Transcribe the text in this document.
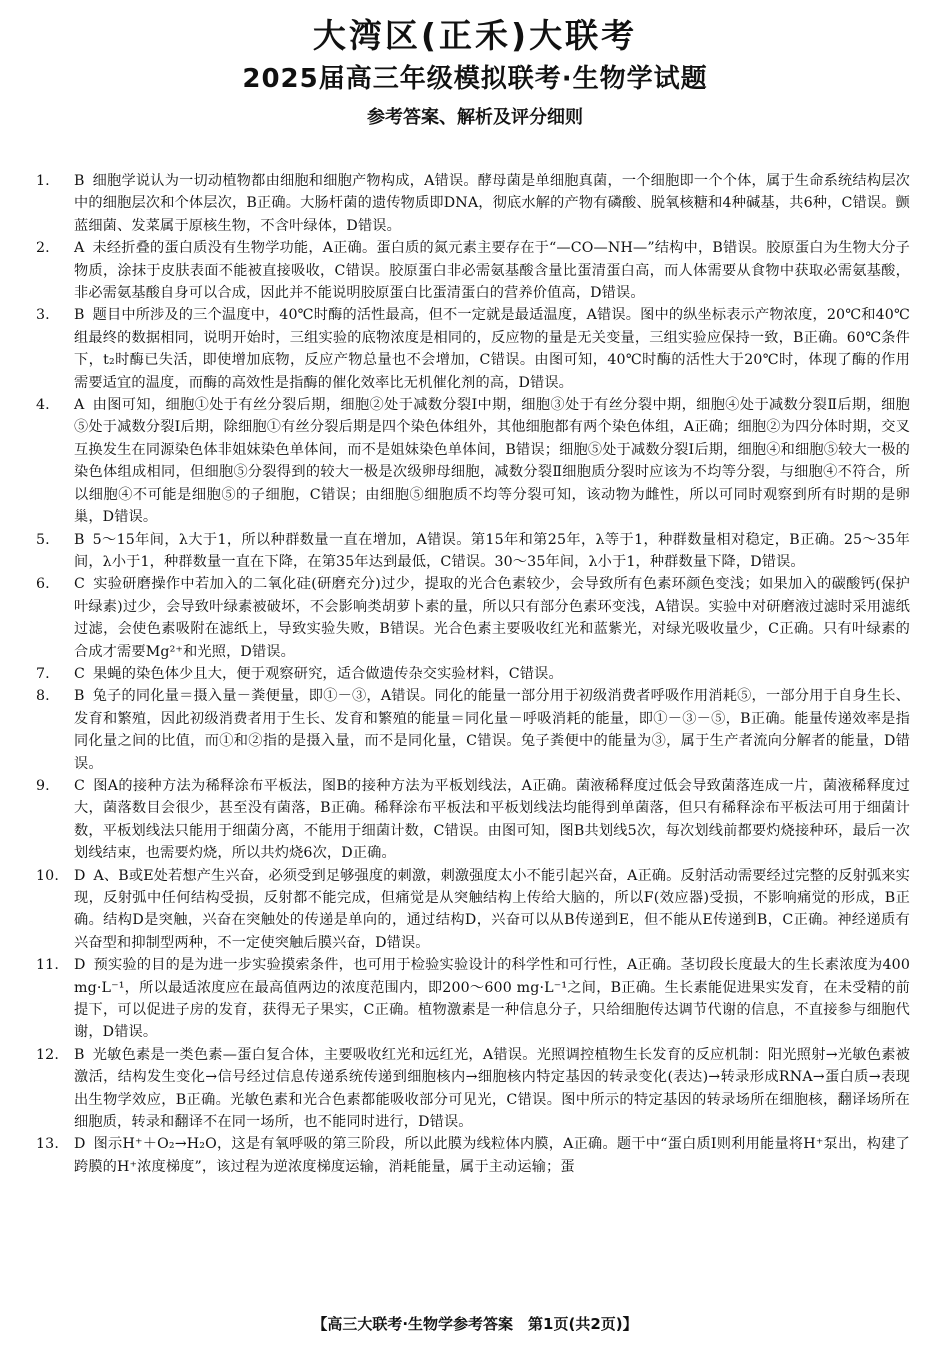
大湾区(正禾)大联考
2025届高三年级模拟联考·生物学试题
参考答案、解析及评分细则
1. B 细胞学说认为一切动植物都由细胞和细胞产物构成，A错误。酵母菌是单细胞真菌，一个细胞即一个个体，属于生命系统结构层次中的细胞层次和个体层次，B正确。大肠杆菌的遗传物质即DNA，彻底水解的产物有磷酸、脱氧核糖和4种碱基，共6种，C错误。颤蓝细菌、发菜属于原核生物，不含叶绿体，D错误。
2. A 未经折叠的蛋白质没有生物学功能，A正确。蛋白质的氮元素主要存在于“—CO—NH—”结构中，B错误。胶原蛋白为生物大分子物质，涂抹于皮肤表面不能被直接吸收，C错误。胶原蛋白非必需氨基酸含量比蛋清蛋白高，而人体需要从食物中获取必需氨基酸，非必需氨基酸自身可以合成，因此并不能说明胶原蛋白比蛋清蛋白的营养价值高，D错误。
3. B 题目中所涉及的三个温度中，40℃时酶的活性最高，但不一定就是最适温度，A错误。图中的纵坐标表示产物浓度，20℃和40℃组最终的数据相同，说明开始时，三组实验的底物浓度是相同的，反应物的量是无关变量，三组实验应保持一致，B正确。60℃条件下，t₂时酶已失活，即使增加底物，反应产物总量也不会增加，C错误。由图可知，40℃时酶的活性大于20℃时，体现了酶的作用需要适宜的温度，而酶的高效性是指酶的催化效率比无机催化剂的高，D错误。
4. A 由图可知，细胞①处于有丝分裂后期，细胞②处于减数分裂Ⅰ中期，细胞③处于有丝分裂中期，细胞④处于减数分裂Ⅱ后期，细胞⑤处于减数分裂Ⅰ后期，除细胞①有丝分裂后期是四个染色体组外，其他细胞都有两个染色体组，A正确；细胞②为四分体时期，交叉互换发生在同源染色体非姐妹染色单体间，而不是姐妹染色单体间，B错误；细胞⑤处于减数分裂Ⅰ后期，细胞④和细胞⑤较大一极的染色体组成相同，但细胞⑤分裂得到的较大一极是次级卵母细胞，减数分裂Ⅱ细胞质分裂时应该为不均等分裂，与细胞④不符合，所以细胞④不可能是细胞⑤的子细胞，C错误；由细胞⑤细胞质不均等分裂可知，该动物为雌性，所以可同时观察到所有时期的是卵巢，D错误。
5. B 5～15年间，λ大于1，所以种群数量一直在增加，A错误。第15年和第25年，λ等于1，种群数量相对稳定，B正确。25～35年间，λ小于1，种群数量一直在下降，在第35年达到最低，C错误。30～35年间，λ小于1，种群数量下降，D错误。
6. C 实验研磨操作中若加入的二氧化硅(研磨充分)过少，提取的光合色素较少，会导致所有色素环颜色变浅；如果加入的碳酸钙(保护叶绿素)过少，会导致叶绿素被破坏，不会影响类胡萝卜素的量，所以只有部分色素环变浅，A错误。实验中对研磨液过滤时采用滤纸过滤，会使色素吸附在滤纸上，导致实验失败，B错误。光合色素主要吸收红光和蓝紫光，对绿光吸收量少，C正确。只有叶绿素的合成才需要Mg²⁺和光照，D错误。
7. C 果蝇的染色体少且大，便于观察研究，适合做遗传杂交实验材料，C错误。
8. B 兔子的同化量＝摄入量－粪便量，即①－③，A错误。同化的能量一部分用于初级消费者呼吸作用消耗⑤，一部分用于自身生长、发育和繁殖，因此初级消费者用于生长、发育和繁殖的能量＝同化量－呼吸消耗的能量，即①－③－⑤，B正确。能量传递效率是指同化量之间的比值，而①和②指的是摄入量，而不是同化量，C错误。兔子粪便中的能量为③，属于生产者流向分解者的能量，D错误。
9. C 图A的接种方法为稀释涂布平板法，图B的接种方法为平板划线法，A正确。菌液稀释度过低会导致菌落连成一片，菌液稀释度过大，菌落数目会很少，甚至没有菌落，B正确。稀释涂布平板法和平板划线法均能得到单菌落，但只有稀释涂布平板法可用于细菌计数，平板划线法只能用于细菌分离，不能用于细菌计数，C错误。由图可知，图B共划线5次，每次划线前都要灼烧接种环，最后一次划线结束，也需要灼烧，所以共灼烧6次，D正确。
10. D A、B或E处若想产生兴奋，必须受到足够强度的刺激，刺激强度太小不能引起兴奋，A正确。反射活动需要经过完整的反射弧来实现，反射弧中任何结构受损，反射都不能完成，但痛觉是从突触结构上传给大脑的，所以F(效应器)受损，不影响痛觉的形成，B正确。结构D是突触，兴奋在突触处的传递是单向的，通过结构D，兴奋可以从B传递到E，但不能从E传递到B，C正确。神经递质有兴奋型和抑制型两种，不一定使突触后膜兴奋，D错误。
11. D 预实验的目的是为进一步实验摸索条件，也可用于检验实验设计的科学性和可行性，A正确。茎切段长度最大的生长素浓度为400 mg·L⁻¹，所以最适浓度应在最高值两边的浓度范围内，即200～600 mg·L⁻¹之间，B正确。生长素能促进果实发育，在未受精的前提下，可以促进子房的发育，获得无子果实，C正确。植物激素是一种信息分子，只给细胞传达调节代谢的信息，不直接参与细胞代谢，D错误。
12. B 光敏色素是一类色素—蛋白复合体，主要吸收红光和远红光，A错误。光照调控植物生长发育的反应机制：阳光照射→光敏色素被激活，结构发生变化→信号经过信息传递系统传递到细胞核内→细胞核内特定基因的转录变化(表达)→转录形成RNA→蛋白质→表现出生物学效应，B正确。光敏色素和光合色素都能吸收部分可见光，C错误。图中所示的特定基因的转录场所在细胞核，翻译场所在细胞质，转录和翻译不在同一场所，也不能同时进行，D错误。
13. D 图示H⁺＋O₂→H₂O，这是有氧呼吸的第三阶段，所以此膜为线粒体内膜，A正确。题干中“蛋白质Ⅰ则利用能量将H⁺泵出，构建了跨膜的H⁺浓度梯度”，该过程为逆浓度梯度运输，消耗能量，属于主动运输；蛋
【高三大联考·生物学参考答案　第1页(共2页)】
